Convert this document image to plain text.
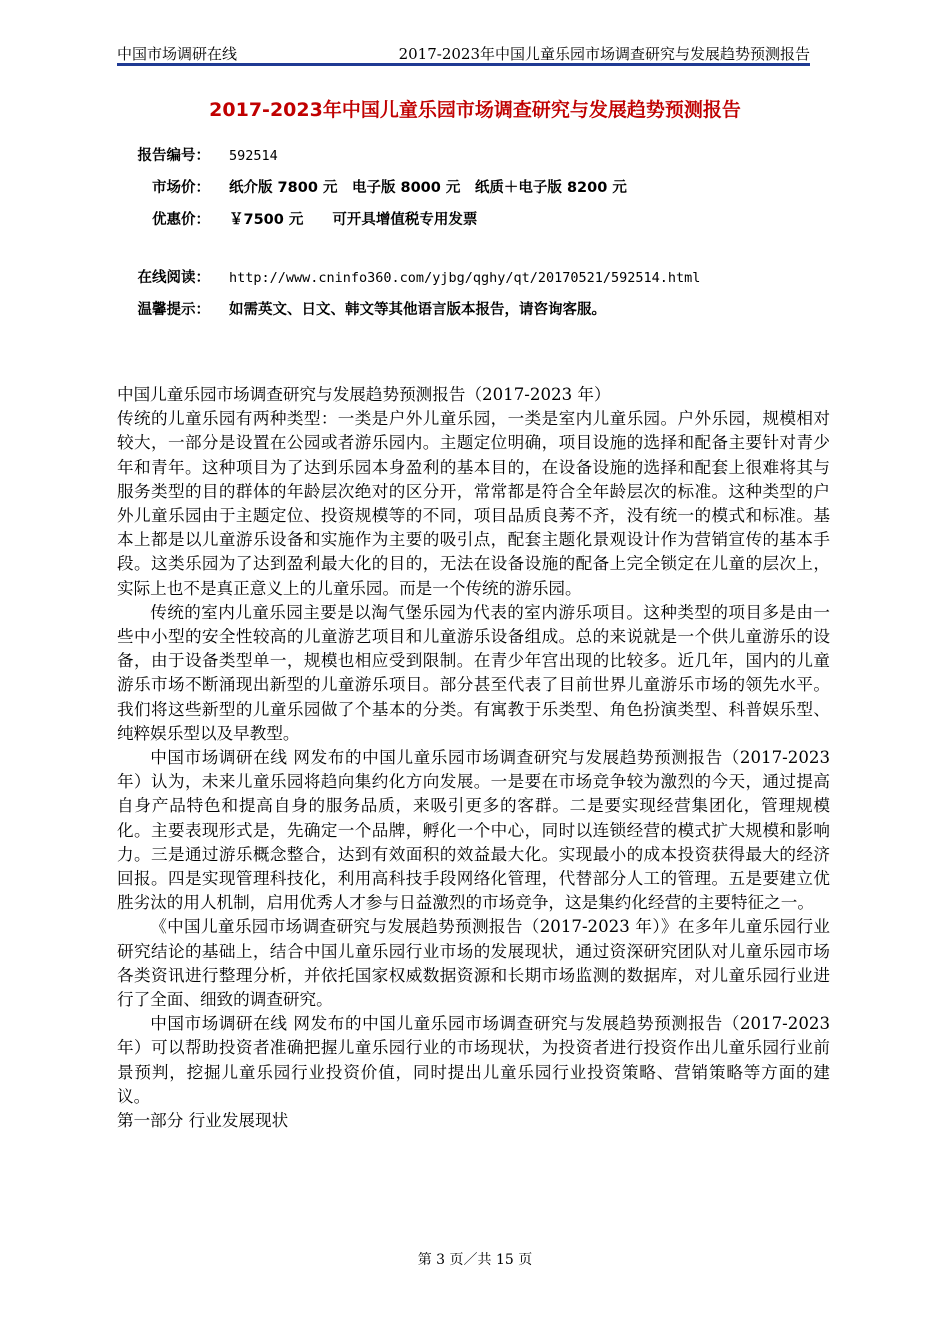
中国市场调研在线	2017-2023年中国儿童乐园市场调查研究与发展趋势预测报告
2017-2023年中国儿童乐园市场调查研究与发展趋势预测报告
报告编号： 592514
市场价： 纸介版 7800 元　电子版 8000 元　纸质＋电子版 8200 元
优惠价： ￥7500 元　　可开具增值税专用发票
在线阅读： http://www.cninfo360.com/yjbg/qghy/qt/20170521/592514.html
温馨提示： 如需英文、日文、韩文等其他语言版本报告，请咨询客服。

中国儿童乐园市场调查研究与发展趋势预测报告（2017-2023 年）

传统的儿童乐园有两种类型：一类是户外儿童乐园，一类是室内儿童乐园。户外乐园，规模相对较大，一部分是设置在公园或者游乐园内。主题定位明确，项目设施的选择和配备主要针对青少年和青年。这种项目为了达到乐园本身盈利的基本目的，在设备设施的选择和配套上很难将其与服务类型的目的群体的年龄层次绝对的区分开，常常都是符合全年龄层次的标准。这种类型的户外儿童乐园由于主题定位、投资规模等的不同，项目品质良莠不齐，没有统一的模式和标准。基本上都是以儿童游乐设备和实施作为主要的吸引点，配套主题化景观设计作为营销宣传的基本手段。这类乐园为了达到盈利最大化的目的，无法在设备设施的配备上完全锁定在儿童的层次上，实际上也不是真正意义上的儿童乐园。而是一个传统的游乐园。

传统的室内儿童乐园主要是以淘气堡乐园为代表的室内游乐项目。这种类型的项目多是由一些中小型的安全性较高的儿童游艺项目和儿童游乐设备组成。总的来说就是一个供儿童游乐的设备，由于设备类型单一，规模也相应受到限制。在青少年宫出现的比较多。近几年，国内的儿童游乐市场不断涌现出新型的儿童游乐项目。部分甚至代表了目前世界儿童游乐市场的领先水平。我们将这些新型的儿童乐园做了个基本的分类。有寓教于乐类型、角色扮演类型、科普娱乐型、纯粹娱乐型以及早教型。

中国市场调研在线 网发布的中国儿童乐园市场调查研究与发展趋势预测报告（2017-2023 年）认为，未来儿童乐园将趋向集约化方向发展。一是要在市场竞争较为激烈的今天，通过提高自身产品特色和提高自身的服务品质，来吸引更多的客群。二是要实现经营集团化，管理规模化。主要表现形式是，先确定一个品牌，孵化一个中心，同时以连锁经营的模式扩大规模和影响力。三是通过游乐概念整合，达到有效面积的效益最大化。实现最小的成本投资获得最大的经济回报。四是实现管理科技化，利用高科技手段网络化管理，代替部分人工的管理。五是要建立优胜劣汰的用人机制，启用优秀人才参与日益激烈的市场竞争，这是集约化经营的主要特征之一。

《中国儿童乐园市场调查研究与发展趋势预测报告（2017-2023 年）》在多年儿童乐园行业研究结论的基础上，结合中国儿童乐园行业市场的发展现状，通过资深研究团队对儿童乐园市场各类资讯进行整理分析，并依托国家权威数据资源和长期市场监测的数据库，对儿童乐园行业进行了全面、细致的调查研究。

中国市场调研在线 网发布的中国儿童乐园市场调查研究与发展趋势预测报告（2017-2023 年）可以帮助投资者准确把握儿童乐园行业的市场现状，为投资者进行投资作出儿童乐园行业前景预判，挖掘儿童乐园行业投资价值，同时提出儿童乐园行业投资策略、营销策略等方面的建议。

第一部分 行业发展现状

第 3 页／共 15 页
